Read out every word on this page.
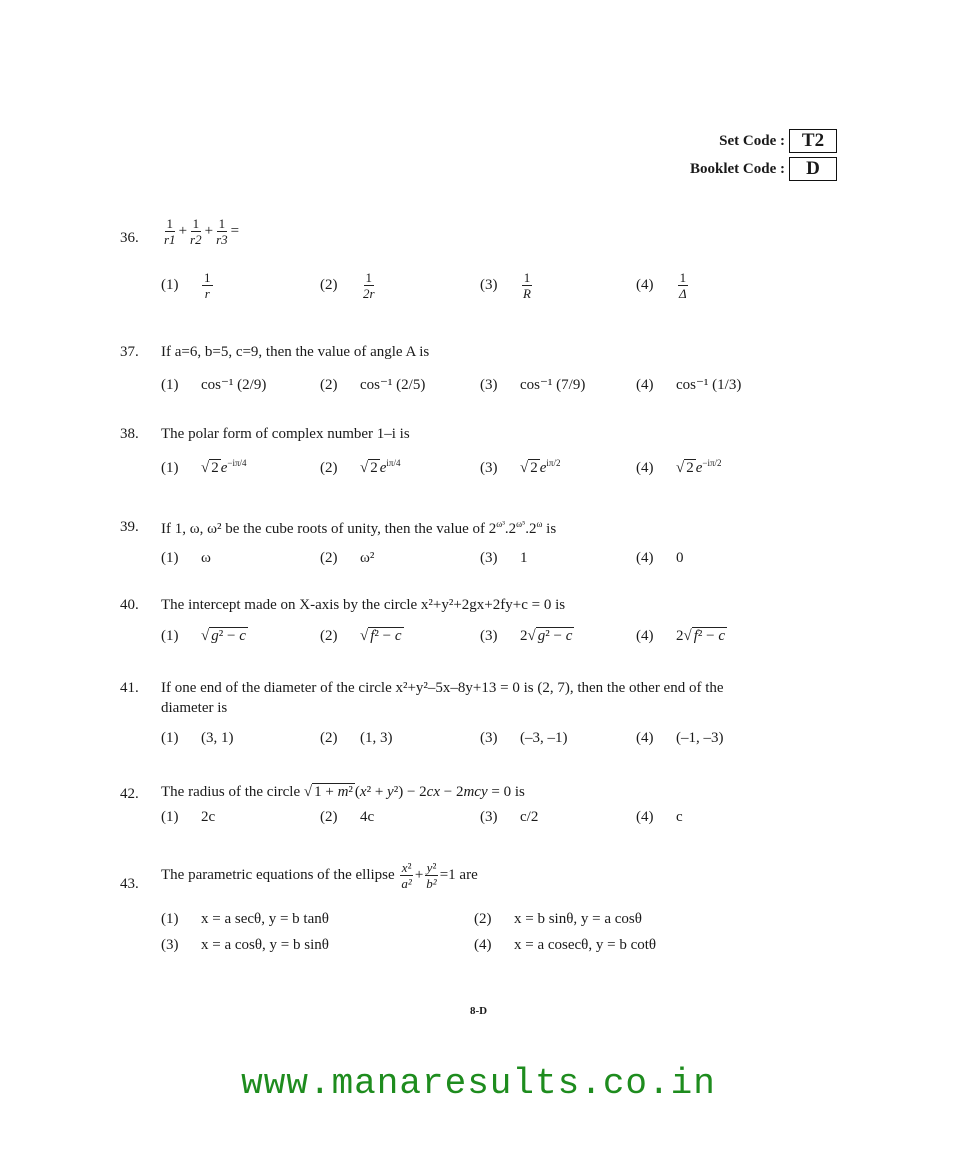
Set Code : T2
Booklet Code :	D
36. $\frac{1}{r1} + \frac{1}{r2} + \frac{1}{r3}$ =
$(1) \frac{1}{r}$	$(2) \frac{1}{2r}$	$(3) \frac{1}{R}$	$(4) \frac{1}{\Delta}$
37. If a=6, b=5, c=9, then the value of angle A is
(1) cos⁻¹ (2/9)	(2) cos⁻¹ (2/5)	(3) cos⁻¹ (7/9)	(4) cos⁻¹ (1/3)
38. The polar form of complex number 1–i is
(1) √ 2 $e^{-i\pi/4}$	(2) √ 2 $e^{i\pi/4}$	(3) √ 2 $e^{i\pi/2}$	(4) √ 2 $e^{-i\pi/2}$
39. If 1, ω, ω² be the cube roots of unity, then the value of $2^{\omega^3}.2^{\omega^5}.2^\omega$ is
(1) ω	(2) ω²	(3) 1	(4) 0
40. The intercept made on X-axis by the circle x²+y²+2gx+2fy+c = 0 is
(1) √ g² − c	(2) √ f² − c	(3) 2√ g² − c	(4) 2√ f² − c
41. If one end of the diameter of the circle x²+y²–5x–8y+13 = 0 is (2, 7), then the other end of the
diameter is
(1) (3, 1)	(2) (1, 3)	(3) (–3, –1)	(4) (–1, –3)
42. The radius of the circle √ 1 + m² (x² + y²) − 2cx − 2mcy = 0 is
(1) 2c	(2) 4c	(3) c/2	(4) c
43.
The parametric equations of the ellipse $\frac{\text{x²}}{\text{a²}} + \frac{\text{y²}}{\text{b²}} =1$ are
(1) x = a secθ, y = b tanθ	(2) x = b sinθ, y = a cosθ
(3) x = a cosθ, y = b sinθ	(4) x = a cosecθ, y = b cotθ
8-D
www.manaresults.co.in
